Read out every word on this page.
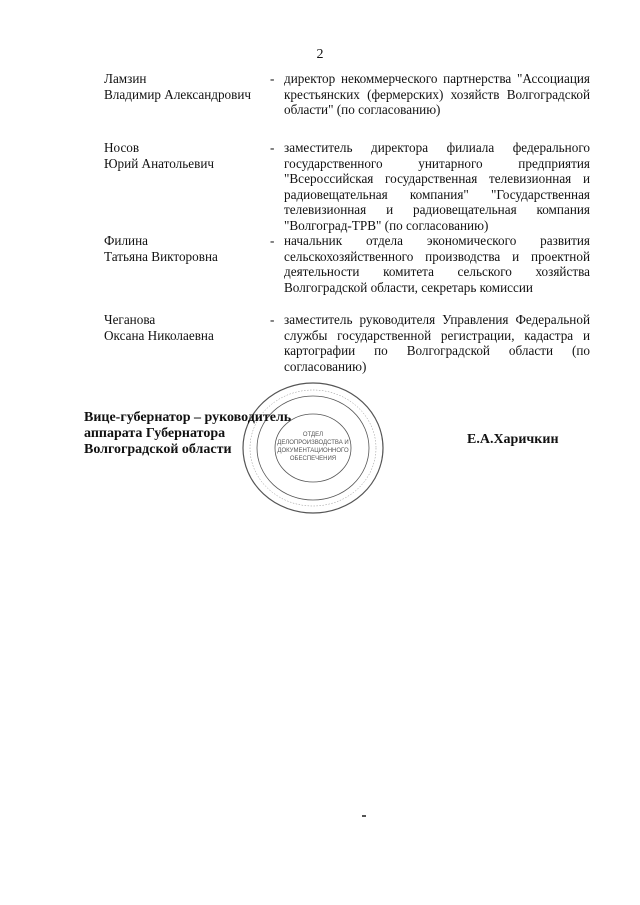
2
Ламзин
Владимир Александрович
- директор некоммерческого партнерства "Ассоциация крестьянских (фермерских) хозяйств Волгоградской области" (по согласованию)
Носов
Юрий Анатольевич
- заместитель директора филиала федерального государственного унитарного предприятия "Всероссийская государственная телевизионная и радиовещательная компания" "Государственная телевизионная и радиовещательная компания "Волгоград-ТРВ" (по согласованию)
Филина
Татьяна Викторовна
- начальник отдела экономического развития сельскохозяйственного производства и проектной деятельности комитета сельского хозяйства Волгоградской области, секретарь комиссии
Чеганова
Оксана Николаевна
- заместитель руководителя Управления Федеральной службы государственной регистрации, кадастра и картографии по Волгоградской области (по согласованию)
ОТДЕЛ
ДЕЛОПРОИЗВОДСТВА И
ДОКУМЕНТАЦИОННОГО
ОБЕСПЕЧЕНИЯ
Вице-губернатор – руководитель
аппарата Губернатора
Волгоградской области
Е.А.Харичкин
